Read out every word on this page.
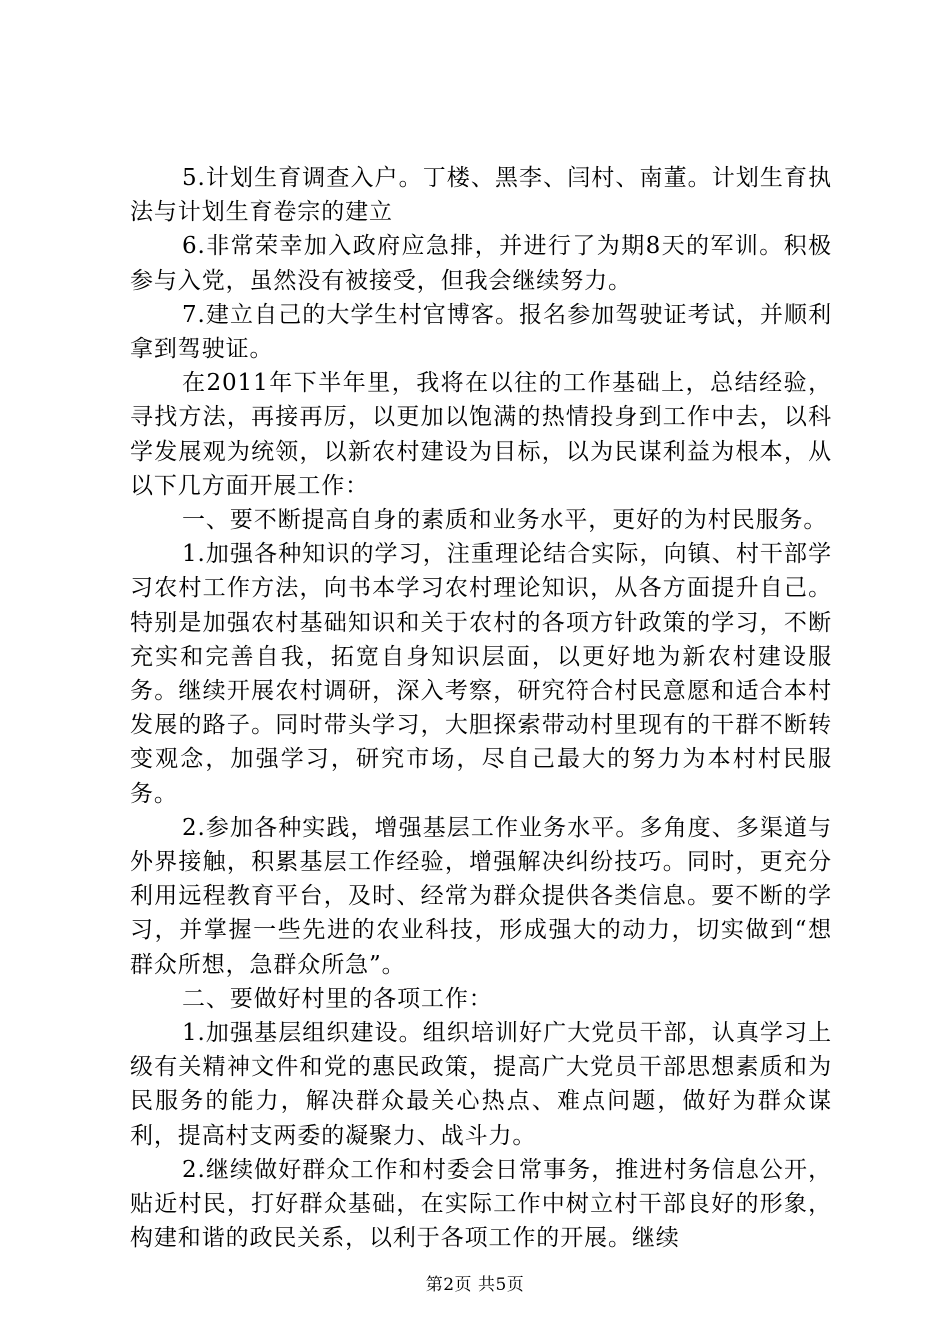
5.计划生育调查入户。丁楼、黑李、闫村、南董。计划生育执法与计划生育卷宗的建立

6.非常荣幸加入政府应急排，并进行了为期8天的军训。积极参与入党，虽然没有被接受，但我会继续努力。

7.建立自己的大学生村官博客。报名参加驾驶证考试，并顺利拿到驾驶证。

在2011年下半年里，我将在以往的工作基础上，总结经验，寻找方法，再接再厉，以更加以饱满的热情投身到工作中去，以科学发展观为统领，以新农村建设为目标，以为民谋利益为根本，从以下几方面开展工作：

一、要不断提高自身的素质和业务水平，更好的为村民服务。

1.加强各种知识的学习，注重理论结合实际，向镇、村干部学习农村工作方法，向书本学习农村理论知识，从各方面提升自己。特别是加强农村基础知识和关于农村的各项方针政策的学习，不断充实和完善自我，拓宽自身知识层面，以更好地为新农村建设服务。继续开展农村调研，深入考察，研究符合村民意愿和适合本村发展的路子。同时带头学习，大胆探索带动村里现有的干群不断转变观念，加强学习，研究市场，尽自己最大的努力为本村村民服务。

2.参加各种实践，增强基层工作业务水平。多角度、多渠道与外界接触，积累基层工作经验，增强解决纠纷技巧。同时，更充分利用远程教育平台，及时、经常为群众提供各类信息。要不断的学习，并掌握一些先进的农业科技，形成强大的动力，切实做到“想群众所想，急群众所急”。

二、要做好村里的各项工作：

1.加强基层组织建设。组织培训好广大党员干部，认真学习上级有关精神文件和党的惠民政策，提高广大党员干部思想素质和为民服务的能力，解决群众最关心热点、难点问题，做好为群众谋利，提高村支两委的凝聚力、战斗力。

2.继续做好群众工作和村委会日常事务，推进村务信息公开，贴近村民，打好群众基础，在实际工作中树立村干部良好的形象，构建和谐的政民关系，以利于各项工作的开展。继续

第2页 共5页
